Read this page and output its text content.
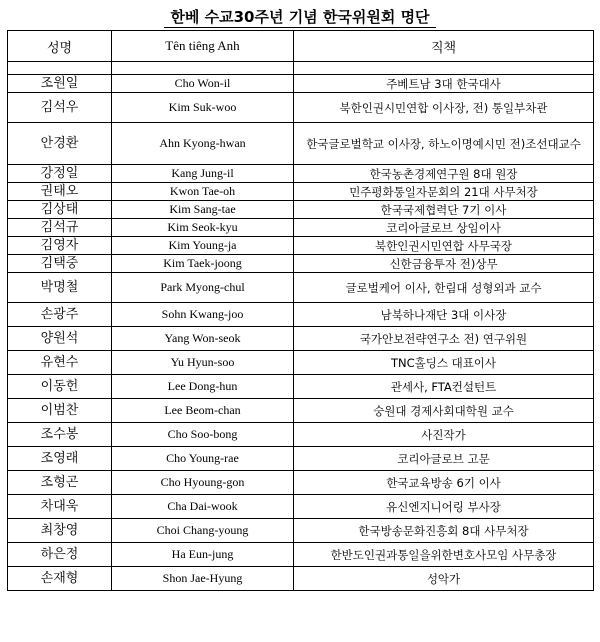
한베 수교30주년 기념 한국위원회 명단
성명	Tên tiêng Anh	직책

조원일	Cho Won-il	주베트남 3대 한국대사
김석우	Kim Suk-woo	북한인권시민연합 이사장, 전) 통일부차관
안경환	Ahn Kyong-hwan	한국글로벌학교 이사장, 하노이명예시민 전)조선대교수
강정일	Kang Jung-il	한국농촌경제연구원 8대 원장
권태오	Kwon Tae-oh	민주평화통일자문회의 21대 사무처장
김상태	Kim Sang-tae	한국국제협력단 7기 이사
김석규	Kim Seok-kyu	코리아글로브 상임이사
김영자	Kim Young-ja	북한인권시민연합 사무국장
김택중	Kim Taek-joong	신한금융투자 전)상무
박명철	Park Myong-chul	글로벌케어 이사, 한림대 성형외과 교수
손광주	Sohn Kwang-joo	남북하나재단 3대 이사장
양원석	Yang Won-seok	국가안보전략연구소 전) 연구위원
유현수	Yu Hyun-soo	TNC홀딩스 대표이사
이동헌	Lee Dong-hun	관세사, FTA컨설턴트
이범찬	Lee Beom-chan	숭원대 경제사회대학원 교수
조수봉	Cho Soo-bong	사진작가
조영래	Cho Young-rae	코리아글로브 고문
조형곤	Cho Hyoung-gon	한국교육방송 6기 이사
차대욱	Cha Dai-wook	유신엔지니어링 부사장
최창영	Choi Chang-young	한국방송문화진흥회 8대 사무처장
하은정	Ha Eun-jung	한반도인권과통일을위한변호사모임 사무총장
손재형	Shon Jae-Hyung	성악가
